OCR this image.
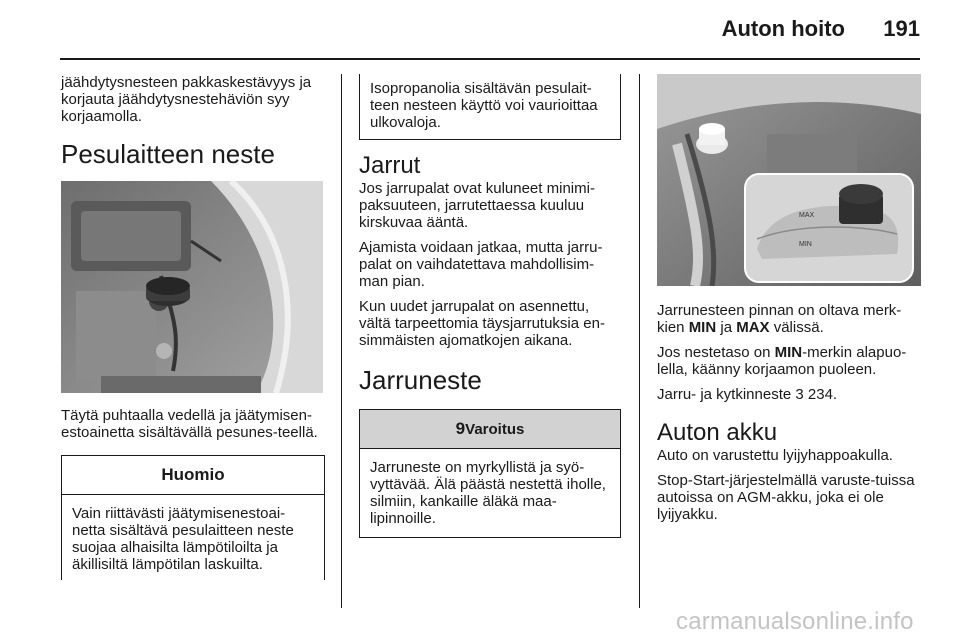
Auton hoito	191

jäähdytysnesteen pakkaskestävyys ja korjauta jäähdytysnestehäviön syy korjaamolla.

Pesulaitteen neste

Täytä puhtaalla vedellä ja jäätymisen-estoainetta sisältävällä pesunes-teellä.

Huomio

Vain riittävästi jäätymisenestoai-netta sisältävä pesulaitteen neste suojaa alhaisilta lämpötiloilta ja äkillisiltä lämpötilan laskuilta.

Isopropanolia sisältävän pesulait-teen nesteen käyttö voi vaurioittaa ulkovaloja.

Jarrut

Jos jarrupalat ovat kuluneet minimi-paksuuteen, jarrutettaessa kuuluu kirskuvaa ääntä.

Ajamista voidaan jatkaa, mutta jarru-palat on vaihdatettava mahdollisim-man pian.

Kun uudet jarrupalat on asennettu, vältä tarpeettomia täysjarrutuksia en-simmäisten ajomatkojen aikana.

Jarruneste
9Varoitus

Jarruneste on myrkyllistä ja syö-vyttävää. Älä päästä nestettä iholle, silmiin, kankaille äläkä maa-lipinnoille.

MAX
MIN

Jarrunesteen pinnan on oltava merk-kien MIN ja MAX välissä.

Jos nestetaso on MIN-merkin alapuo-lella, käänny korjaamon puoleen.

Jarru- ja kytkinneste 3 234.

Auton akku

Auto on varustettu lyijyhappoakulla.

Stop-Start-järjestelmällä varuste-tuissa autoissa on AGM-akku, joka ei ole lyijyakku.

carmanualsonline.info
